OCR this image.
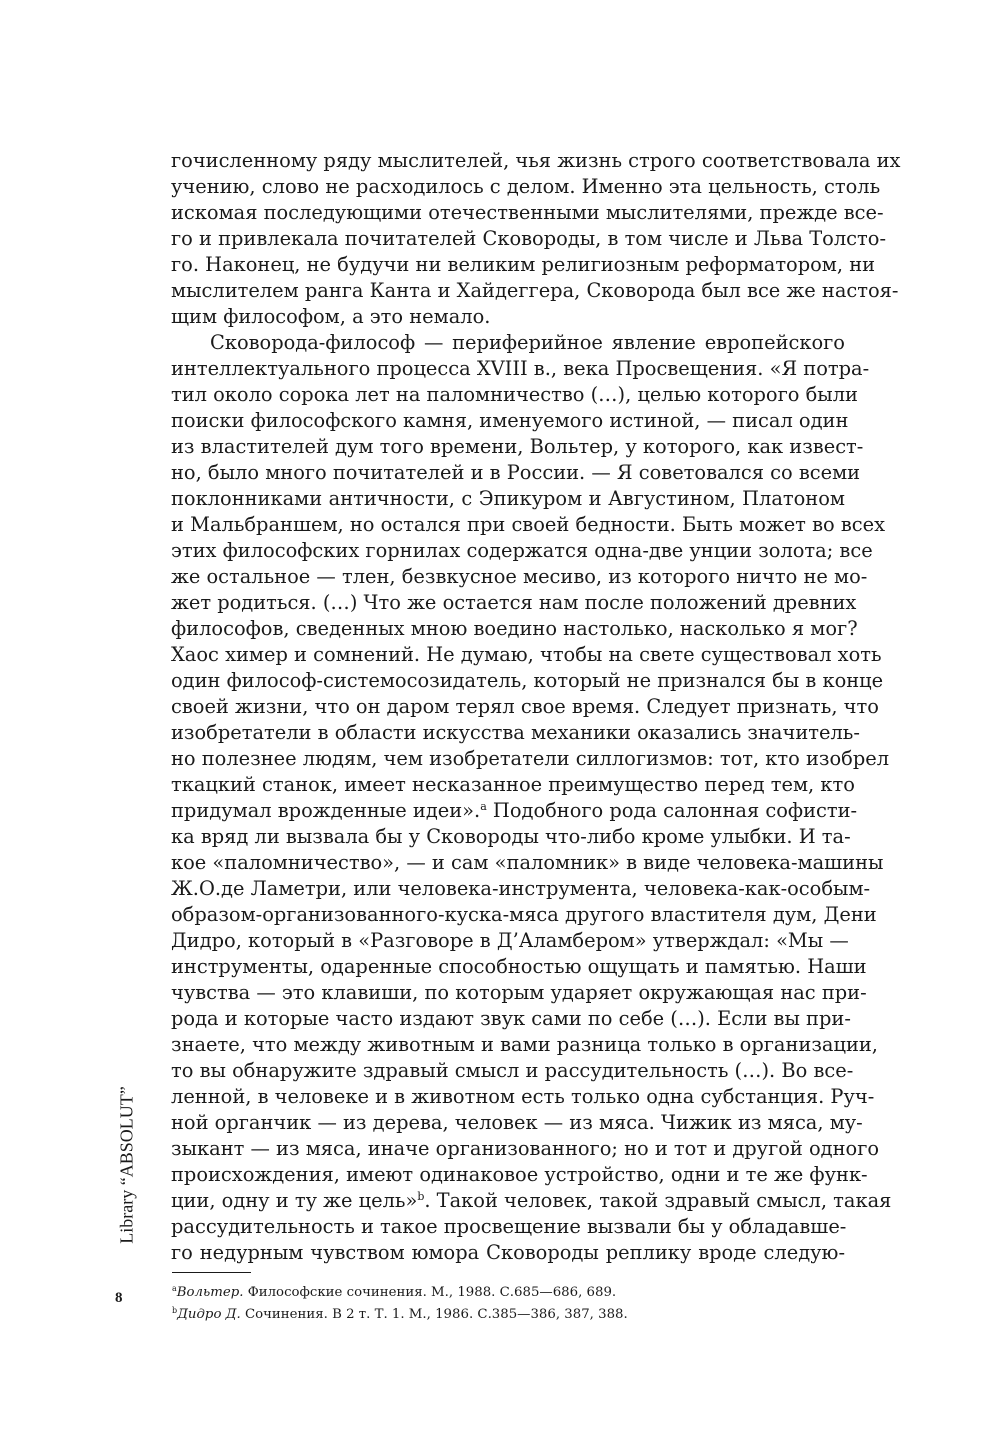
Library “ABSOLUT”
гочисленному ряду мыслителей, чья жизнь строго соответствовала их
учению, слово не расходилось с делом. Именно эта цельность, столь
искомая последующими отечественными мыслителями, прежде все-
го и привлекала почитателей Сковороды, в том числе и Льва Толсто-
го. Наконец, не будучи ни великим религиозным реформатором, ни
мыслителем ранга Канта и Хайдеггера, Сковорода был все же настоя-
щим философом, а это немало.
Сковорода-философ — периферийное явление европейского
интеллектуального процесса XVIII в., века Просвещения. «Я потра-
тил около сорока лет на паломничество (…), целью которого были
поиски философского камня, именуемого истиной, — писал один
из властителей дум того времени, Вольтер, у которого, как извест-
но, было много почитателей и в России. — Я советовался со всеми
поклонниками античности, с Эпикуром и Августином, Платоном
и Мальбраншем, но остался при своей бедности. Быть может во всех
этих философских горнилах содержатся одна-две унции золота; все
же остальное — тлен, безвкусное месиво, из которого ничто не мо-
жет родиться. (…) Что же остается нам после положений древних
философов, сведенных мною воедино настолько, насколько я мог?
Хаос химер и сомнений. Не думаю, чтобы на свете существовал хоть
один философ-системосозидатель, который не признался бы в конце
своей жизни, что он даром терял свое время. Следует признать, что
изобретатели в области искусства механики оказались значитель-
но полезнее людям, чем изобретатели силлогизмов: тот, кто изобрел
ткацкий станок, имеет несказанное преимущество перед тем, кто
придумал врожденные идеи».$^a$ Подобного рода салонная софисти-
ка вряд ли вызвала бы у Сковороды что-либо кроме улыбки. И та-
кое «паломничество», — и сам «паломник» в виде человека-машины
Ж.О.де Ламетри, или человека-инструмента, человека-как-особым-
образом-организованного-куска-мяса другого властителя дум, Дени
Дидро, который в «Разговоре в Д’Аламбером» утверждал: «Мы —
инструменты, одаренные способностью ощущать и памятью. Наши
чувства — это клавиши, по которым ударяет окружающая нас при-
рода и которые часто издают звук сами по себе (…). Если вы при-
знаете, что между животным и вами разница только в организации,
то вы обнаружите здравый смысл и рассудительность (…). Во все-
ленной, в человеке и в животном есть только одна субстанция. Руч-
ной органчик — из дерева, человек — из мяса. Чижик из мяса, му-
зыкант — из мяса, иначе организованного; но и тот и другой одного
происхождения, имеют одинаковое устройство, одни и те же функ-
ции, одну и ту же цель»$^b$. Такой человек, такой здравый смысл, такая
рассудительность и такое просвещение вызвали бы у обладавше-
го недурным чувством юмора Сковороды реплику вроде следую-
$^a$Вольтер. Философские сочинения. М., 1988. С.685—686, 689.
$^b$Дидро Д. Сочинения. В 2 т. Т. 1. М., 1986. С.385—386, 387, 388.
8
